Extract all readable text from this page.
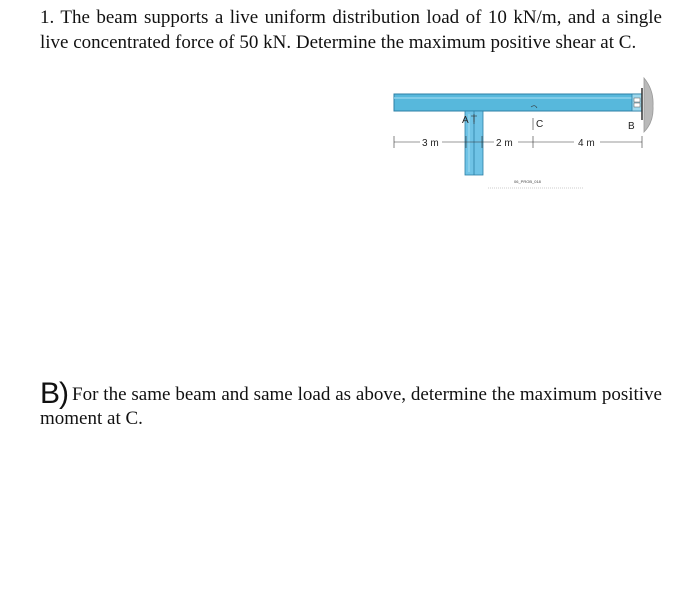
1. The beam supports a live uniform distribution load of 10 kN/m, and a single live concentrated force of 50 kN. Determine the maximum positive shear at C.
A	C	B
3 m	2 m	4 m
06_PROB_018
B) For the same beam and same load as above, determine the maximum positive moment at C.
